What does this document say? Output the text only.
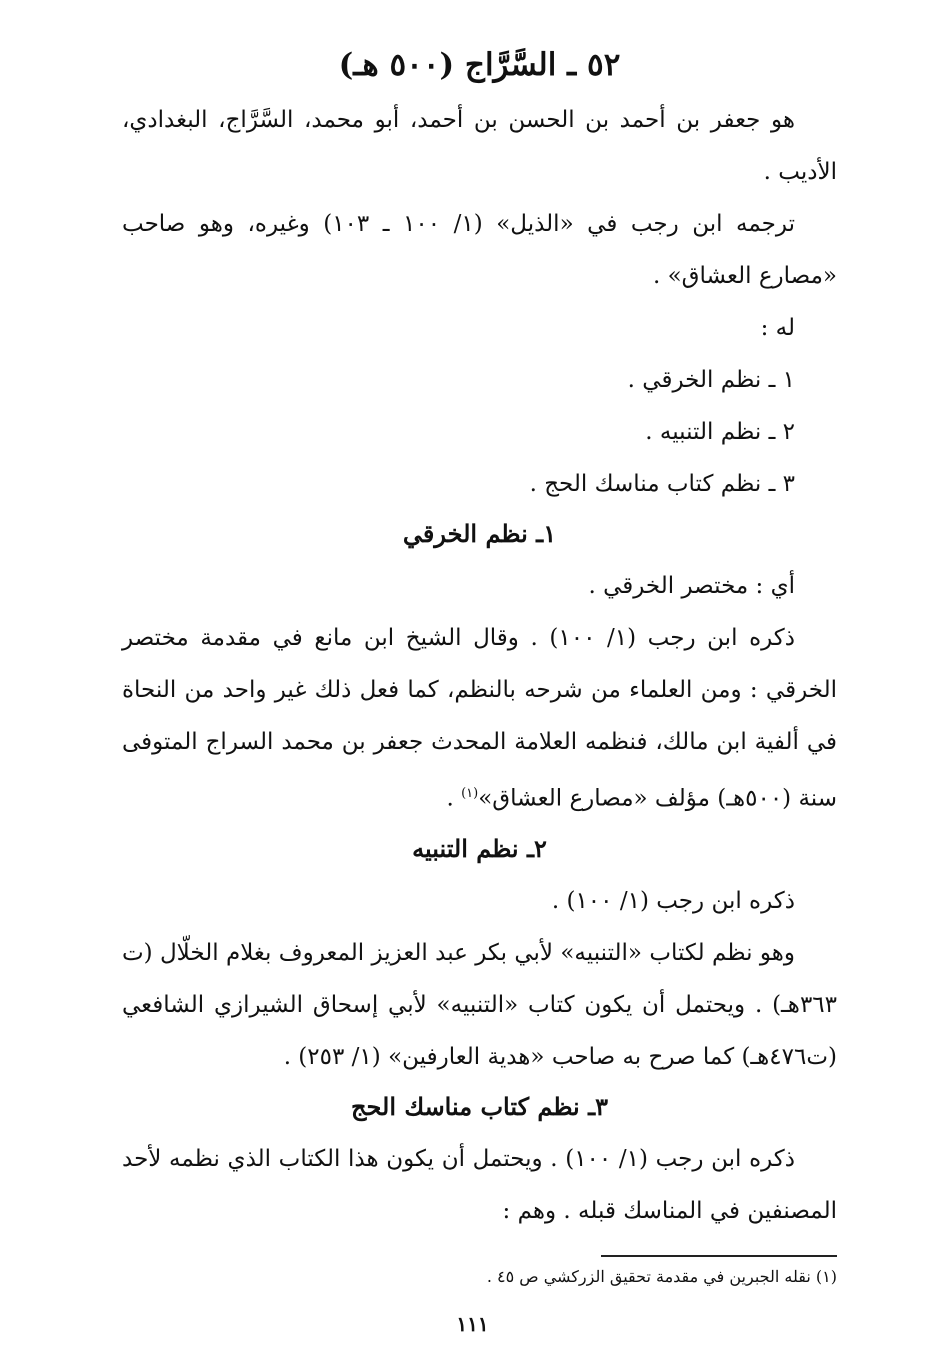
٥٢ ـ السَّرَّاج (٥٠٠ هـ)

هو جعفر بن أحمد بن الحسن بن أحمد، أبو محمد، السَّرَّاج، البغدادي، الأديب .

ترجمه ابن رجب في «الذيل» (١/ ١٠٠ ـ ١٠٣) وغيره، وهو صاحب «مصارع العشاق» .

له :

١ ـ نظم الخرقي .
٢ ـ نظم التنبيه .
٣ ـ نظم كتاب مناسك الحج .
١ـ نظم الخرقي

أي : مختصر الخرقي .

ذكره ابن رجب (١/ ١٠٠) . وقال الشيخ ابن مانع في مقدمة مختصر الخرقي : ومن العلماء من شرحه بالنظم، كما فعل ذلك غير واحد من النحاة في ألفية ابن مالك، فنظمه العلامة المحدث جعفر بن محمد السراج المتوفى سنة (٥٠٠هـ) مؤلف «مصارع العشاق»$^{(١)}$ .

٢ـ نظم التنبيه

ذكره ابن رجب (١/ ١٠٠) .

وهو نظم لكتاب «التنبيه» لأبي بكر عبد العزيز المعروف بغلام الخلّال (ت ٣٦٣هـ) . ويحتمل أن يكون كتاب «التنبيه» لأبي إسحاق الشيرازي الشافعي (ت٤٧٦هـ) كما صرح به صاحب «هدية العارفين» (١/ ٢٥٣) .

٣ـ نظم كتاب مناسك الحج

ذكره ابن رجب (١/ ١٠٠) . ويحتمل أن يكون هذا الكتاب الذي نظمه لأحد المصنفين في المناسك قبله . وهم :

(١) نقله الجبرين في مقدمة تحقيق الزركشي ص ٤٥ .
١١١
